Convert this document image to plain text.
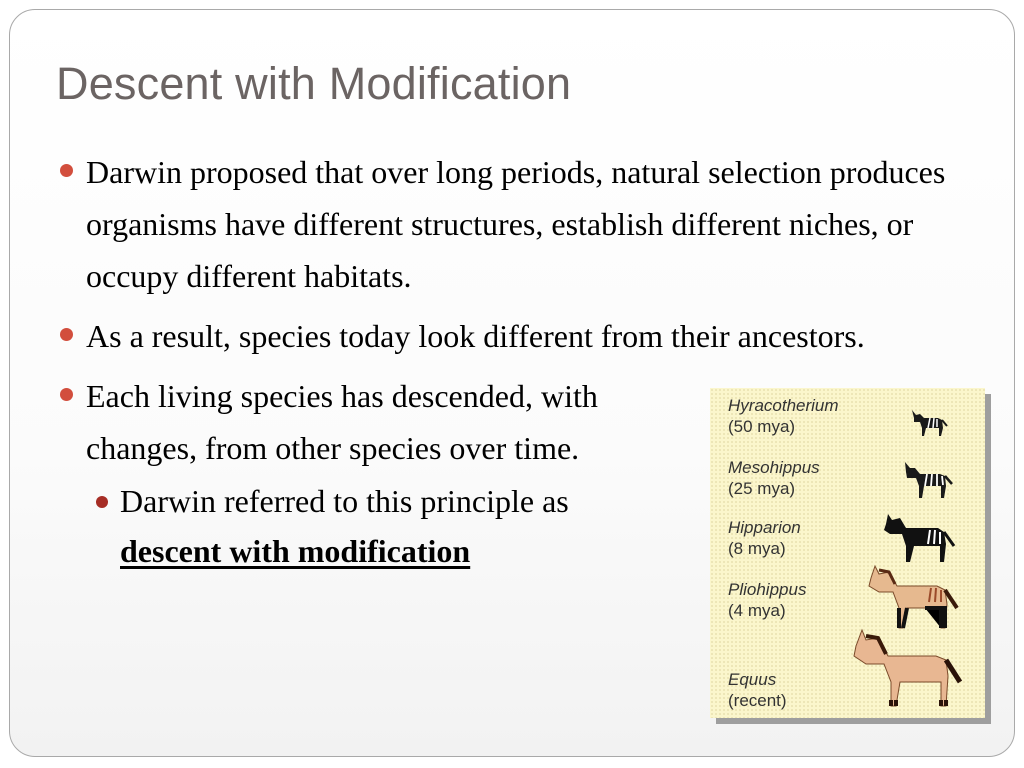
Descent with Modification
Darwin proposed that over long periods, natural selection produces organisms have different structures, establish different niches, or occupy different habitats.
As a result, species today look different from their ancestors.
Each living species has descended, with changes, from other species over time.
Darwin referred to this principle as
descent with modification
Hyracotherium
(50 mya)
Mesohippus
(25 mya)
Hipparion
(8 mya)
Pliohippus
(4 mya)
Equus
(recent)
